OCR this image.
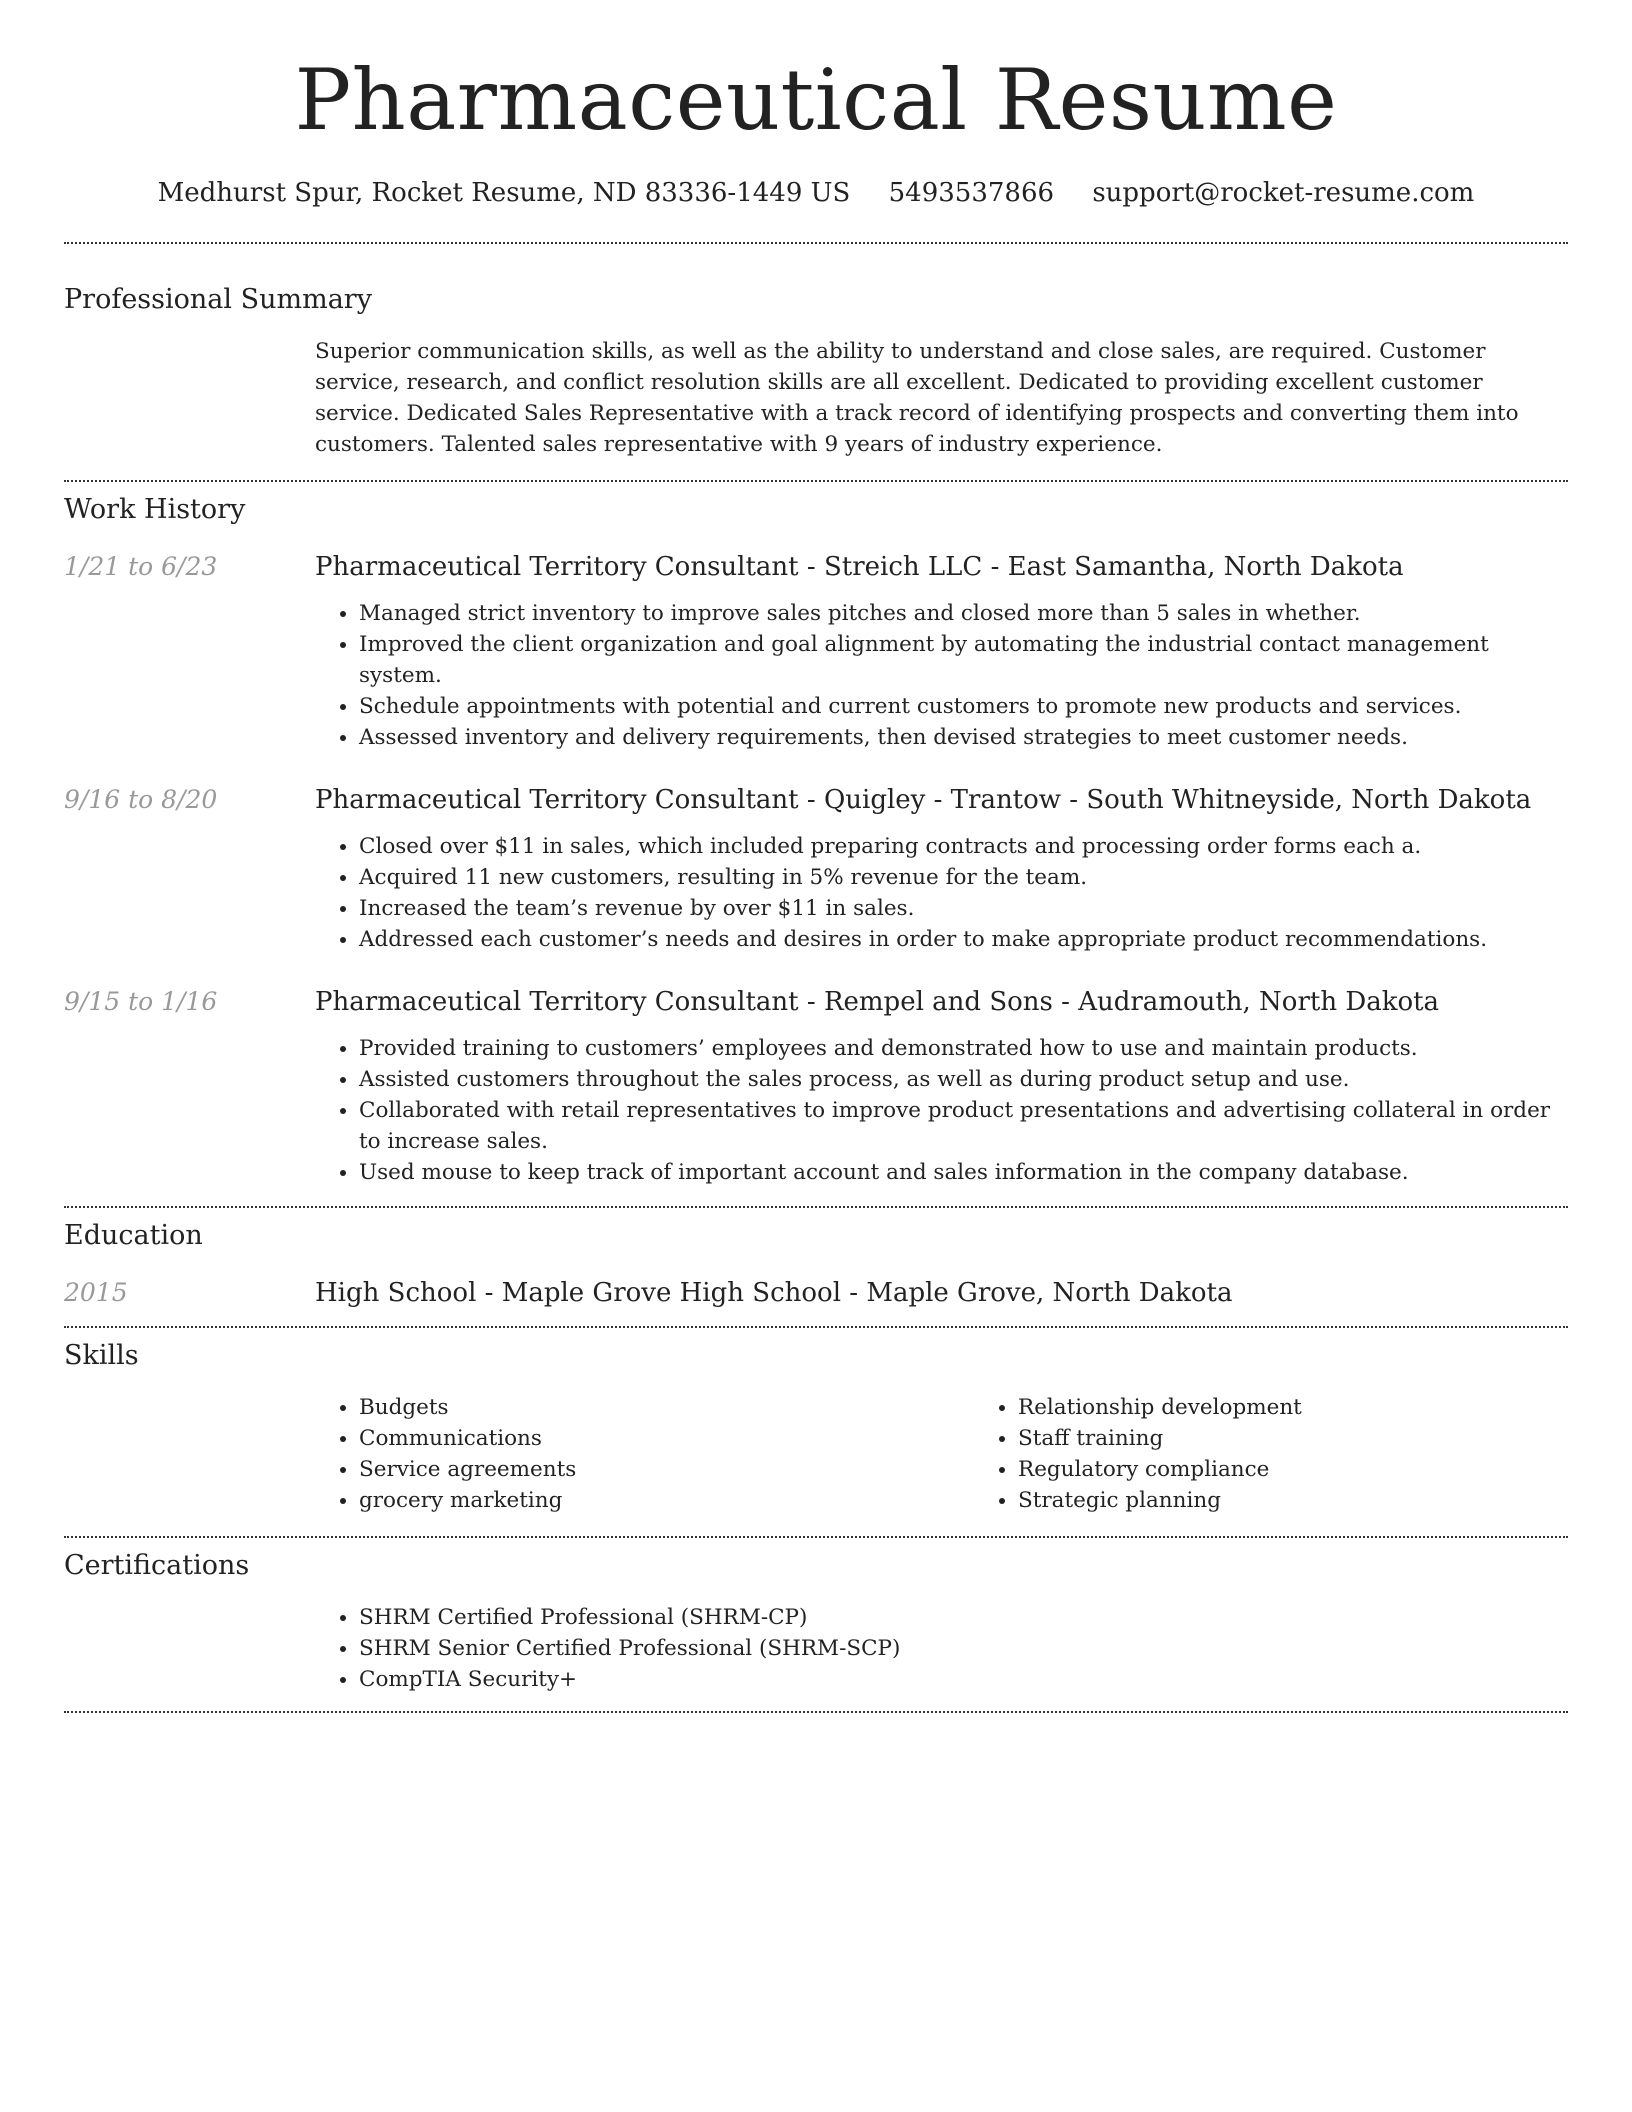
Pharmaceutical Resume
Medhurst Spur, Rocket Resume, ND 83336-1449 US 5493537866 support@rocket-resume.com
Professional Summary

Superior communication skills, as well as the ability to understand and close sales, are required. Customer service, research, and conflict resolution skills are all excellent. Dedicated to providing excellent customer service. Dedicated Sales Representative with a track record of identifying prospects and converting them into customers. Talented sales representative with 9 years of industry experience.

Work History
1/21 to 6/23	Pharmaceutical Territory Consultant - Streich LLC - East Samantha, North Dakota

• Managed strict inventory to improve sales pitches and closed more than 5 sales in whether.
• Improved the client organization and goal alignment by automating the industrial contact management system.
• Schedule appointments with potential and current customers to promote new products and services.
• Assessed inventory and delivery requirements, then devised strategies to meet customer needs.
9/16 to 8/20	Pharmaceutical Territory Consultant - Quigley - Trantow - South Whitneyside, North Dakota

• Closed over $11 in sales, which included preparing contracts and processing order forms each a.
• Acquired 11 new customers, resulting in 5% revenue for the team.
• Increased the team’s revenue by over $11 in sales.
• Addressed each customer’s needs and desires in order to make appropriate product recommendations.
9/15 to 1/16	Pharmaceutical Territory Consultant - Rempel and Sons - Audramouth, North Dakota

• Provided training to customers’ employees and demonstrated how to use and maintain products.
• Assisted customers throughout the sales process, as well as during product setup and use.
• Collaborated with retail representatives to improve product presentations and advertising collateral in order to increase sales.
• Used mouse to keep track of important account and sales information in the company database.
Education
2015	High School - Maple Grove High School - Maple Grove, North Dakota

Skills
• Budgets
• Communications
• Service agreements
• grocery marketing
• Relationship development
• Staff training
• Regulatory compliance
• Strategic planning
Certifications
• SHRM Certified Professional (SHRM-CP)
• SHRM Senior Certified Professional (SHRM-SCP)
• CompTIA Security+
